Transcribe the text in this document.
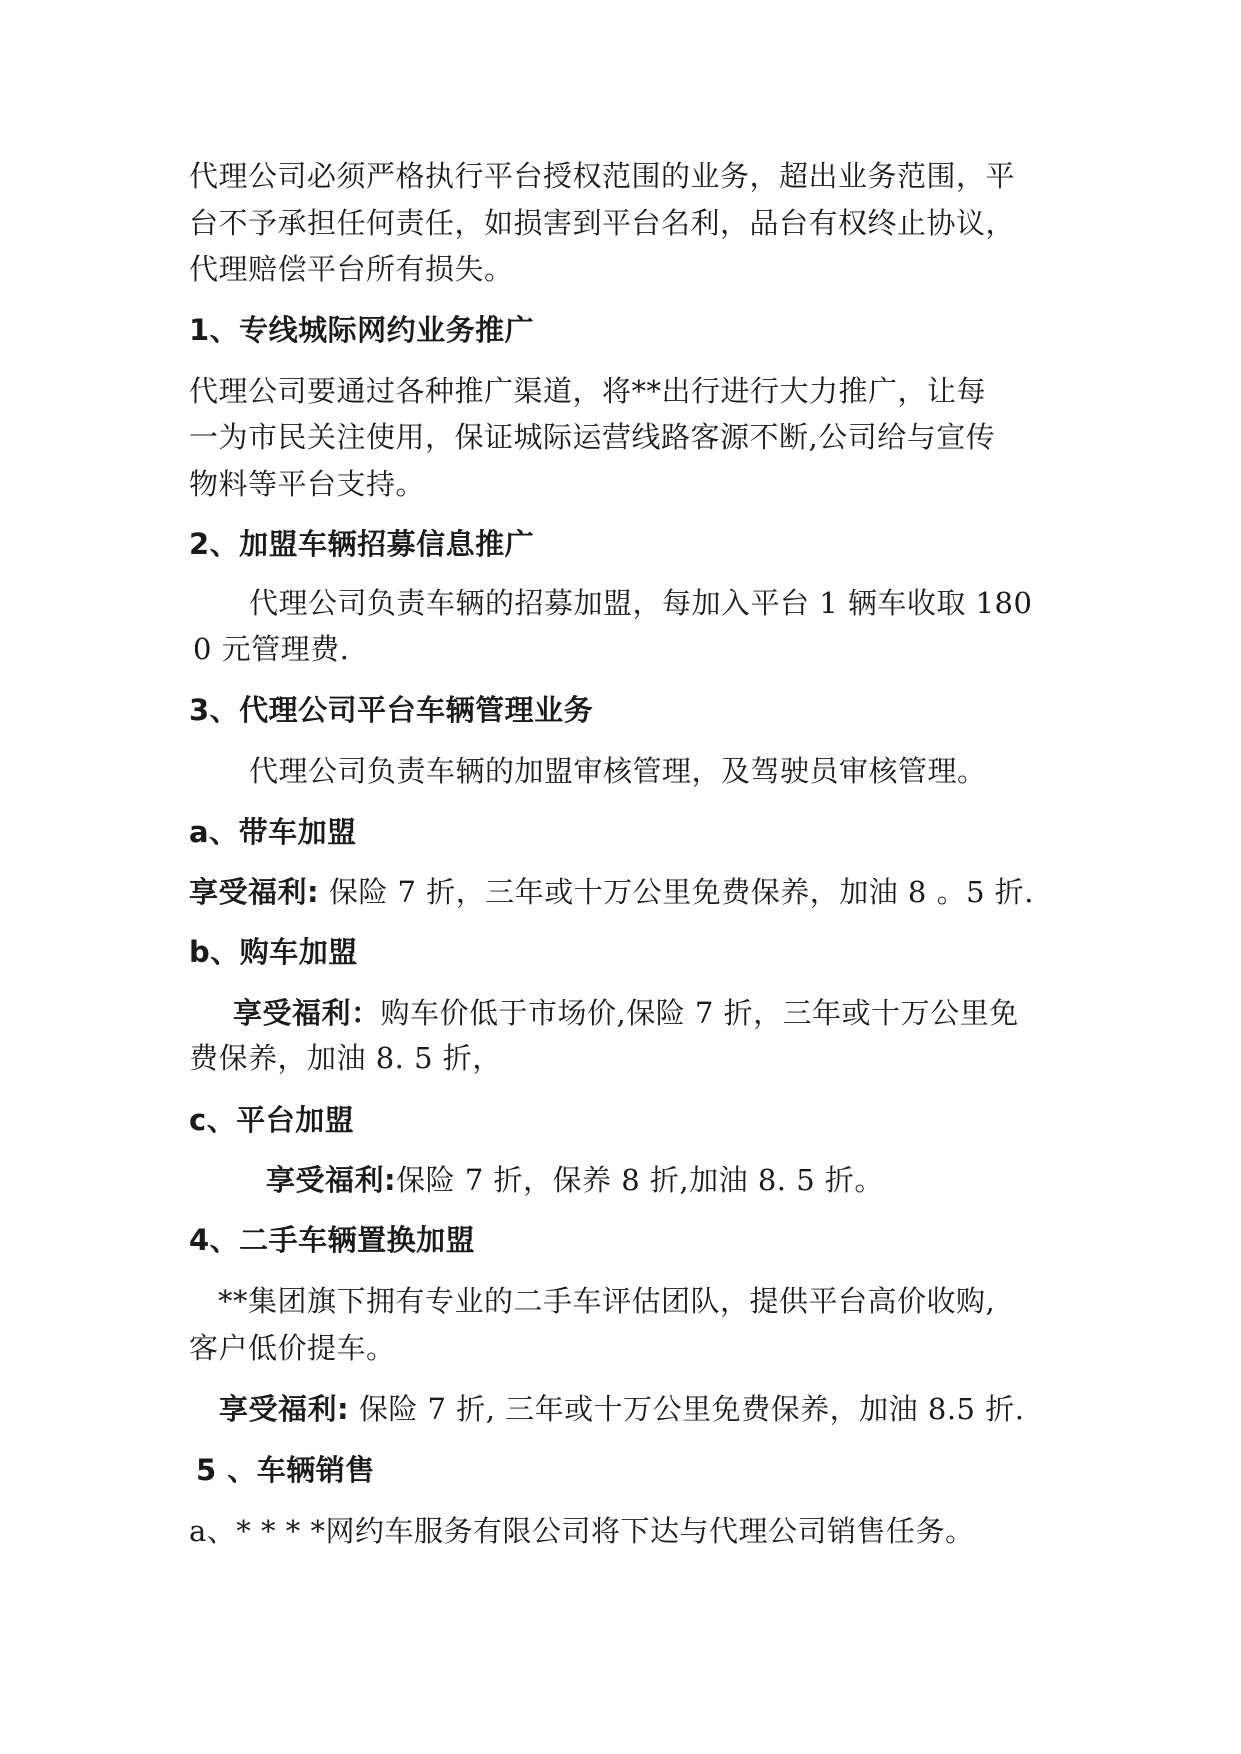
代理公司必须严格执行平台授权范围的业务，超出业务范围，平

台不予承担任何责任，如损害到平台名利，品台有权终止协议，

代理赔偿平台所有损失。

1、专线城际网约业务推广

代理公司要通过各种推广渠道，将**出行进行大力推广，让每

一为市民关注使用，保证城际运营线路客源不断,公司给与宣传

物料等平台支持。

2、加盟车辆招募信息推广

代理公司负责车辆的招募加盟，每加入平台 1 辆车收取 180

0 元管理费.

3、代理公司平台车辆管理业务

代理公司负责车辆的加盟审核管理，及驾驶员审核管理。

a、带车加盟

享受福利: 保险 7 折，三年或十万公里免费保养，加油 8 。5 折.

b、购车加盟

享受福利：购车价低于市场价,保险 7 折，三年或十万公里免

费保养，加油 8. 5 折，

c、平台加盟

享受福利:保险 7 折，保养 8 折,加油 8. 5 折。

4、二手车辆置换加盟

**集团旗下拥有专业的二手车评估团队，提供平台高价收购,

客户低价提车。

享受福利: 保险 7 折, 三年或十万公里免费保养，加油 8.5 折.

5 、车辆销售

a、* * * *网约车服务有限公司将下达与代理公司销售任务。
